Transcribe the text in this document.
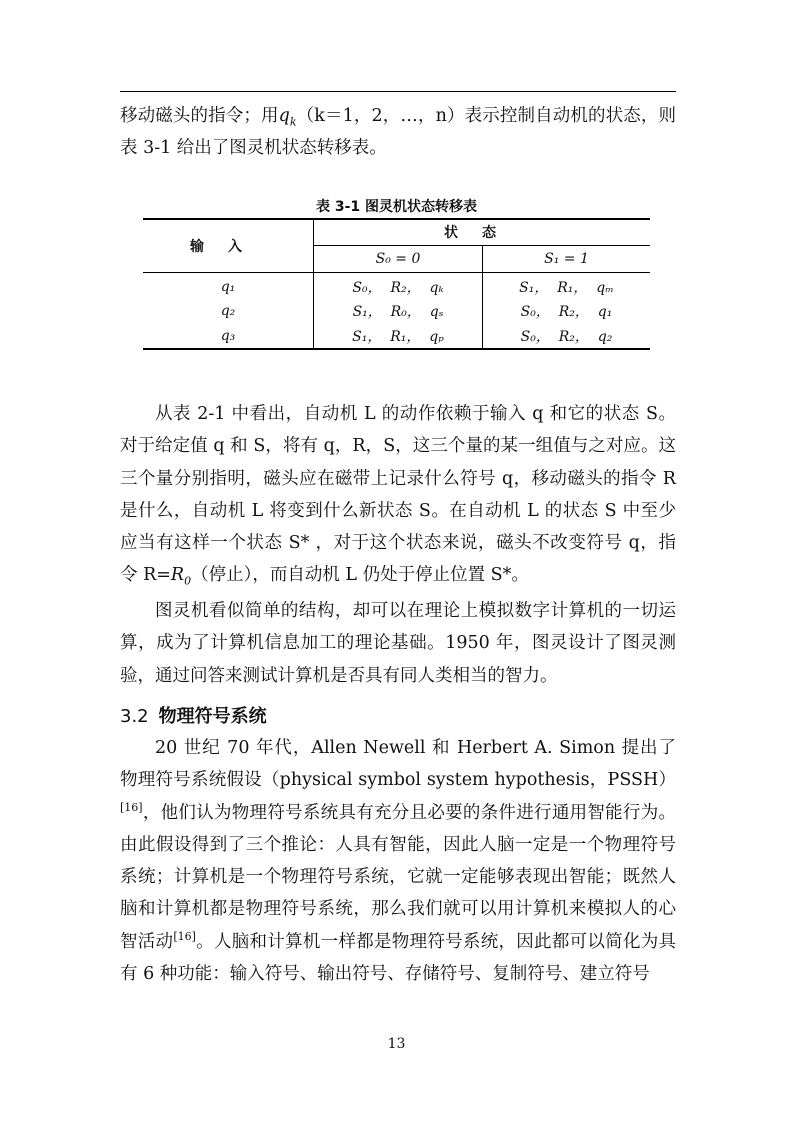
移动磁头的指令；用$q_k(k=1$，2，…，n）表示控制自动机的状态，则表 3-1 给出了图灵机状态转移表。

表 3-1 图灵机状态转移表
输入	状态	
	S₀ = 0	S₁ = 1
q₁	S₀，  R₂，  qₖ	S₁，  R₁，  qₘ
q₂	S₁，  R₀，  qₛ	S₀，  R₂，  q₁
q₃	S₁，  R₁，  qₚ	S₀，  R₂，  q₂

从表 2-1 中看出，自动机 L 的动作依赖于输入 q 和它的状态 S。对于给定值 q 和 S，将有 q，R，S，这三个量的某一组值与之对应。这三个量分别指明，磁头应在磁带上记录什么符号 q，移动磁头的指令 R 是什么，自动机 L 将变到什么新状态 S。在自动机 L 的状态 S 中至少应当有这样一个状态 S* ，对于这个状态来说，磁头不改变符号 q，指令 $R=R_0$（停止），而自动机 L 仍处于停止位置 S*。

图灵机看似简单的结构，却可以在理论上模拟数字计算机的一切运算，成为了计算机信息加工的理论基础。1950 年，图灵设计了图灵测验，通过问答来测试计算机是否具有同人类相当的智力。

3.2 物理符号系统

20 世纪 70 年代，Allen Newell 和 Herbert A. Simon 提出了物理符号系统假设（physical symbol system hypothesis，PSSH）[16]，他们认为物理符号系统具有充分且必要的条件进行通用智能行为。由此假设得到了三个推论：人具有智能，因此人脑一定是一个物理符号系统；计算机是一个物理符号系统，它就一定能够表现出智能；既然人脑和计算机都是物理符号系统，那么我们就可以用计算机来模拟人的心智活动[16]。人脑和计算机一样都是物理符号系统，因此都可以简化为具有 6 种功能：输入符号、输出符号、存储符号、复制符号、建立符号

13
